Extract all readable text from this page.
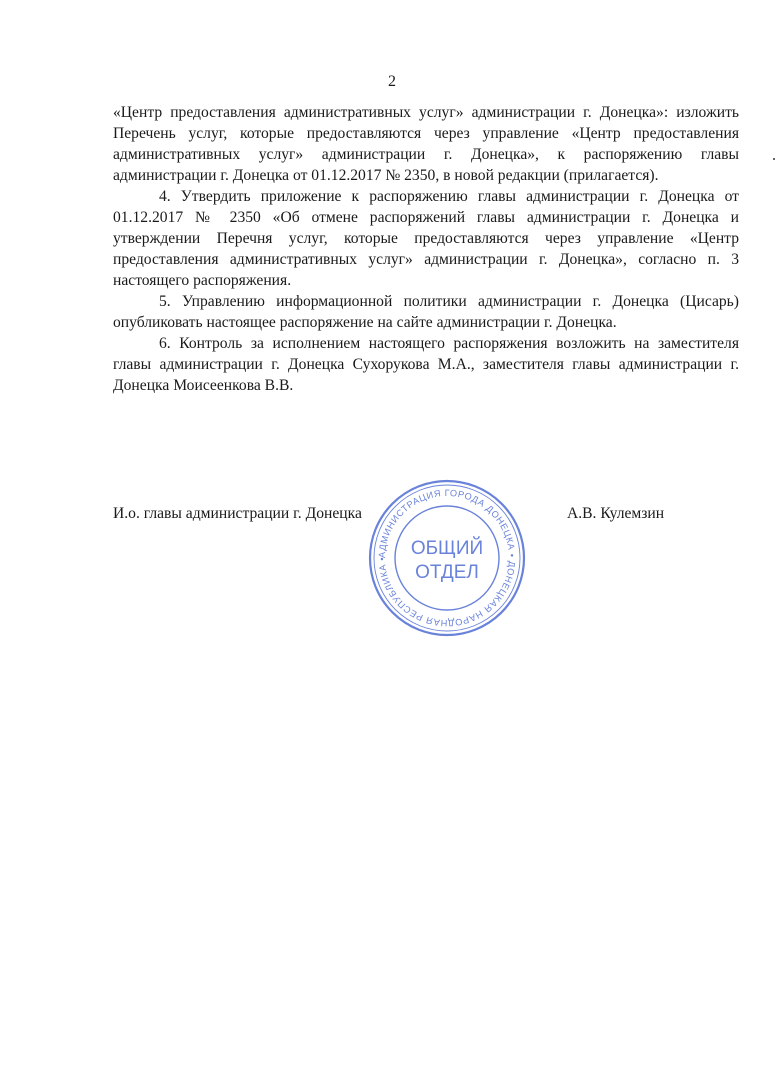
2

«Центр предоставления административных услуг» администрации г. Донецка»: изложить Перечень услуг, которые предоставляются через управление «Центр предоставления административных услуг» администрации г. Донецка», к распоряжению главы администрации г. Донецка от 01.12.2017 № 2350, в новой редакции (прилагается).

4. Утвердить приложение к распоряжению главы администрации г. Донецка от 01.12.2017 № 2350 «Об отмене распоряжений главы администрации г. Донецка и утверждении Перечня услуг, которые предоставляются через управление «Центр предоставления административных услуг» администрации г. Донецка», согласно п. 3 настоящего распоряжения.

5. Управлению информационной политики администрации г. Донецка (Цисарь) опубликовать настоящее распоряжение на сайте администрации г. Донецка.

6. Контроль за исполнением настоящего распоряжения возложить на заместителя главы администрации г. Донецка Сухорукова М.А., заместителя главы администрации г. Донецка Моисеенкова В.В.

И.о. главы администрации г. Донецка	А.В. Кулемзин
АДМИНИСТРАЦИЯ ГОРОДА ДОНЕЦКА • ДОНЕЦКАЯ НАРОДНАЯ РЕСПУБЛИКА •	ОБЩИЙ
ОТДЕЛ
